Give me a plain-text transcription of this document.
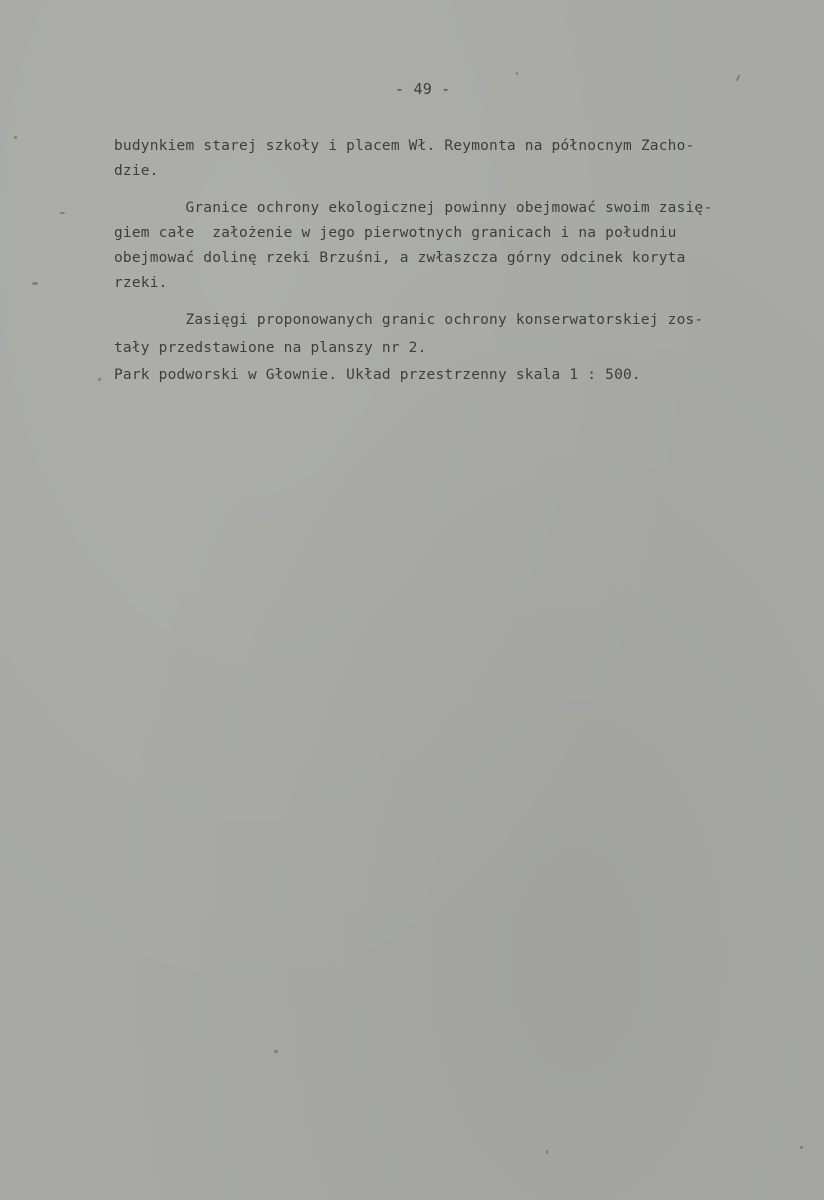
- 49 -
budynkiem starej szkoły i placem Wł. Reymonta na północnym Zacho-
dzie.
Granice ochrony ekologicznej powinny obejmować swoim zasię-
giem całe  założenie w jego pierwotnych granicach i na południu
obejmować dolinę rzeki Brzuśni, a zwłaszcza górny odcinek koryta
rzeki.
Zasięgi proponowanych granic ochrony konserwatorskiej zos-
tały przedstawione na planszy nr 2.
Park podworski w Głownie. Układ przestrzenny skala 1 : 500.
